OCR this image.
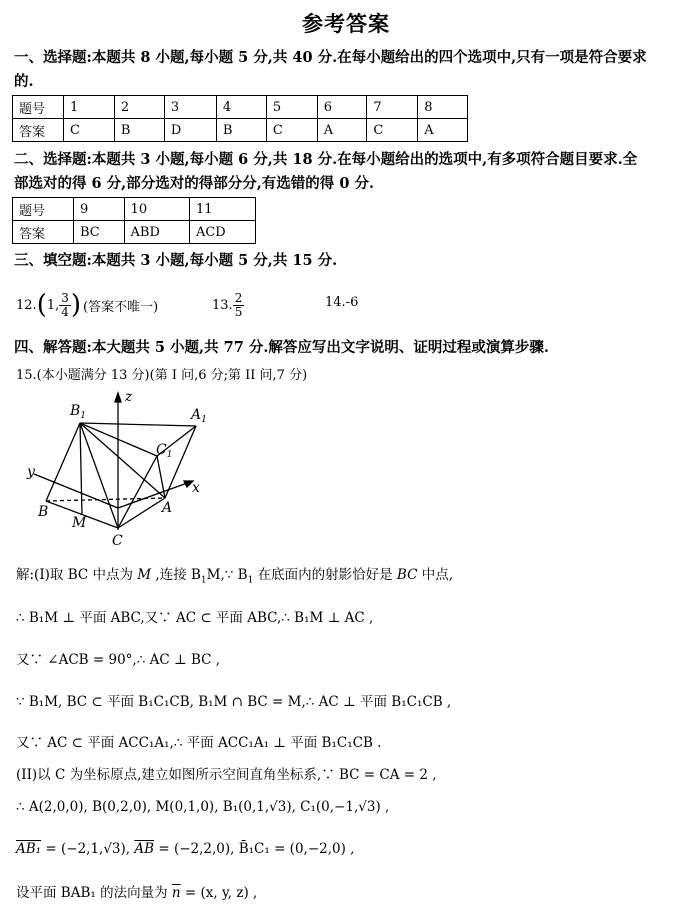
参考答案
一、选择题:本题共 8 小题,每小题 5 分,共 40 分.在每小题给出的四个选项中,只有一项是符合要求
的.
题号	1	2	3	4	5	6	7	8
答案	C	B	D	B	C	A	C	A
二、选择题:本题共 3 小题,每小题 6 分,共 18 分.在每小题给出的选项中,有多项符合题目要求.全
部选对的得 6 分,部分选对的得部分分,有选错的得 0 分.
题号	9	10	11
答案	BC	ABD	ACD
三、填空题:本题共 3 小题,每小题 5 分,共 15 分.
12. ( 1, $\frac{3}{4}$ ) (答案不唯一)	13. $\frac{2}{5}$	14.-6
四、解答题:本大题共 5 小题,共 77 分.解答应写出文字说明、证明过程或演算步骤.
15.(本小题满分 13 分)(第 I 问,6 分;第 II 问,7 分)
$B_1$	$A_1$
$C_1$
z
y
x
B	A
M
C
解:(I)取 BC 中点为 M ,连接 $B_1M,\because$ $B_1$ 在底面内的射影恰好是 BC 中点,
∴ B₁M ⊥ 平面 ABC,又∵ AC ⊂ 平面 ABC,∴ B₁M ⊥ AC ,
又∵ ∠ACB = 90°,∴ AC ⊥ BC ,
∵ B₁M, BC ⊂ 平面 B₁C₁CB, B₁M ∩ BC = M,∴ AC ⊥ 平面 B₁C₁CB ,
又∵ AC ⊂ 平面 ACC₁A₁,∴ 平面 ACC₁A₁ ⊥ 平面 B₁C₁CB .
(II)以 C 为坐标原点,建立如图所示空间直角坐标系,∵ BC = CA = 2 ,
∴ A(2,0,0), B(0,2,0), M(0,1,0), B₁(0,1,√3), C₁(0,−1,√3) ,
AB₁ = (−2,1,√3), $\overline{AB} = (-2,2,0)$, B̄₁C₁ = (0,−2,0) ,
设平面 BAB₁ 的法向量为 $\overline{n} = (x$, y, z) ,
